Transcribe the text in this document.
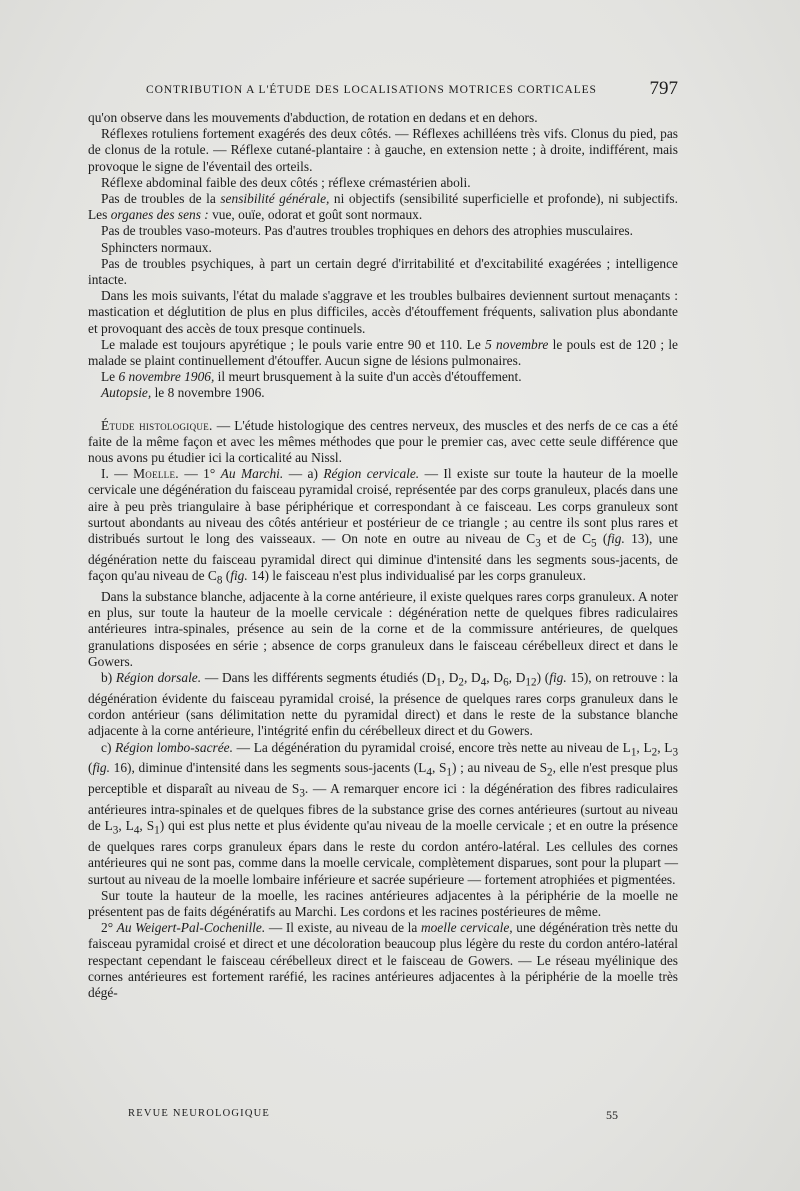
CONTRIBUTION A L'ÉTUDE DES LOCALISATIONS MOTRICES CORTICALES	797

qu'on observe dans les mouvements d'abduction, de rotation en dedans et en dehors.

Réflexes rotuliens fortement exagérés des deux côtés. — Réflexes achilléens très vifs. Clonus du pied, pas de clonus de la rotule. — Réflexe cutané-plantaire : à gauche, en extension nette ; à droite, indifférent, mais provoque le signe de l'éventail des orteils.

Réflexe abdominal faible des deux côtés ; réflexe crémastérien aboli.

Pas de troubles de la sensibilité générale, ni objectifs (sensibilité superficielle et profonde), ni subjectifs. Les organes des sens : vue, ouïe, odorat et goût sont normaux.

Pas de troubles vaso-moteurs. Pas d'autres troubles trophiques en dehors des atrophies musculaires.

Sphincters normaux.

Pas de troubles psychiques, à part un certain degré d'irritabilité et d'excitabilité exagérées ; intelligence intacte.

Dans les mois suivants, l'état du malade s'aggrave et les troubles bulbaires deviennent surtout menaçants : mastication et déglutition de plus en plus difficiles, accès d'étouffement fréquents, salivation plus abondante et provoquant des accès de toux presque continuels.

Le malade est toujours apyrétique ; le pouls varie entre 90 et 110. Le 5 novembre le pouls est de 120 ; le malade se plaint continuellement d'étouffer. Aucun signe de lésions pulmonaires.

Le 6 novembre 1906, il meurt brusquement à la suite d'un accès d'étouffement.

Autopsie, le 8 novembre 1906.

Étude histologique. — L'étude histologique des centres nerveux, des muscles et des nerfs de ce cas a été faite de la même façon et avec les mêmes méthodes que pour le premier cas, avec cette seule différence que nous avons pu étudier ici la corticalité au Nissl.

I. — Moelle. — 1° Au Marchi. — a) Région cervicale. — Il existe sur toute la hauteur de la moelle cervicale une dégénération du faisceau pyramidal croisé, représentée par des corps granuleux, placés dans une aire à peu près triangulaire à base périphérique et correspondant à ce faisceau. Les corps granuleux sont surtout abondants au niveau des côtés antérieur et postérieur de ce triangle ; au centre ils sont plus rares et distribués surtout le long des vaisseaux. — On note en outre au niveau de $C_3$ et de $C_5$ (fig. 13), une dégénération nette du faisceau pyramidal direct qui diminue d'intensité dans les segments sous-jacents, de façon qu'au niveau de $C_8$ (fig. 14) le faisceau n'est plus individualisé par les corps granuleux.

Dans la substance blanche, adjacente à la corne antérieure, il existe quelques rares corps granuleux. A noter en plus, sur toute la hauteur de la moelle cervicale : dégénération nette de quelques fibres radiculaires antérieures intra-spinales, présence au sein de la corne et de la commissure antérieures, de quelques granulations disposées en série ; absence de corps granuleux dans le faisceau cérébelleux direct et dans le Gowers.

b) Région dorsale. — Dans les différents segments étudiés ($D_1$, $D_2$, $D_4$, $D_6$, $D_{12}$) (fig. 15), on retrouve : la dégénération évidente du faisceau pyramidal croisé, la présence de quelques rares corps granuleux dans le cordon antérieur (sans délimitation nette du pyramidal direct) et dans le reste de la substance blanche adjacente à la corne antérieure, l'intégrité enfin du cérébelleux direct et du Gowers.

c) Région lombo-sacrée. — La dégénération du pyramidal croisé, encore très nette au niveau de $L_1$, $L_2$, $L_3$ (fig. 16), diminue d'intensité dans les segments sous-jacents ($L_4$, $S_1$) ; au niveau de $S_2$, elle n'est presque plus perceptible et disparaît au niveau de $S_3$. — A remarquer encore ici : la dégénération des fibres radiculaires antérieures intra-spinales et de quelques fibres de la substance grise des cornes antérieures (surtout au niveau de $L_3$, $L_4$, $S_1$) qui est plus nette et plus évidente qu'au niveau de la moelle cervicale ; et en outre la présence de quelques rares corps granuleux épars dans le reste du cordon antéro-latéral. Les cellules des cornes antérieures qui ne sont pas, comme dans la moelle cervicale, complètement disparues, sont pour la plupart — surtout au niveau de la moelle lombaire inférieure et sacrée supérieure — fortement atrophiées et pigmentées.

Sur toute la hauteur de la moelle, les racines antérieures adjacentes à la périphérie de la moelle ne présentent pas de faits dégénératifs au Marchi. Les cordons et les racines postérieures de même.

2° Au Weigert-Pal-Cochenille. — Il existe, au niveau de la moelle cervicale, une dégénération très nette du faisceau pyramidal croisé et direct et une décoloration beaucoup plus légère du reste du cordon antéro-latéral respectant cependant le faisceau cérébelleux direct et le faisceau de Gowers. — Le réseau myélinique des cornes antérieures est fortement raréfié, les racines antérieures adjacentes à la périphérie de la moelle très dégé-

REVUE NEUROLOGIQUE	55
